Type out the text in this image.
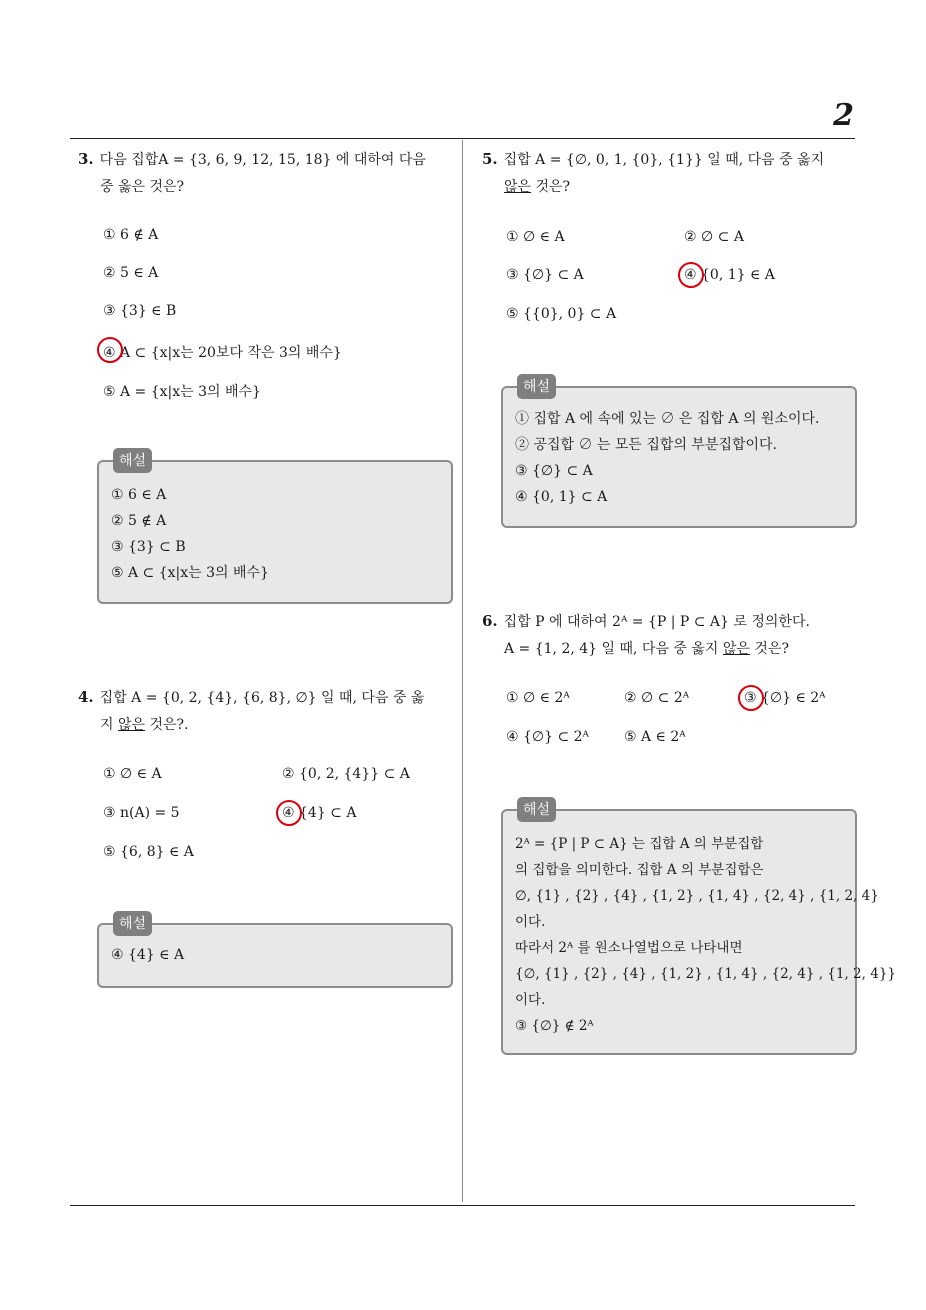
2
3. 다음 집합A = {3, 6, 9, 12, 15, 18} 에 대하여 다음
중 옳은 것은?
① 6 ∉ A
② 5 ∈ A
③ {3} ∈ B
④ A ⊂ {x|x는 20보다 작은 3의 배수}
⑤ A = {x|x는 3의 배수}
해설
① 6 ∈ A
② 5 ∉ A
③ {3} ⊂ B
⑤ A ⊂ {x|x는 3의 배수}
4. 집합 A = {0, 2, {4}, {6, 8}, ∅} 일 때, 다음 중 옳
지 않은 것은?.
① ∅ ∈ A	② {0, 2, {4}} ⊂ A
③ n(A) = 5	④ {4} ⊂ A
⑤ {6, 8} ∈ A
해설
④ {4} ∈ A
5. 집합 A = {∅, 0, 1, {0}, {1}} 일 때, 다음 중 옳지
않은 것은?
① ∅ ∈ A	② ∅ ⊂ A
③ {∅} ⊂ A	④ {0, 1} ∈ A
⑤ {{0}, 0} ⊂ A
해설
① 집합 A 에 속에 있는 ∅ 은 집합 A 의 원소이다.
② 공집합 ∅ 는 모든 집합의 부분집합이다.
③ {∅} ⊂ A
④ {0, 1} ⊂ A
6. 집합 P 에 대하여 2ᴬ = {P | P ⊂ A} 로 정의한다.
A = {1, 2, 4} 일 때, 다음 중 옳지 않은 것은?
① ∅ ∈ 2ᴬ	② ∅ ⊂ 2ᴬ	③ {∅} ∈ 2ᴬ
④ {∅} ⊂ 2ᴬ	⑤ A ∈ 2ᴬ
해설
2ᴬ = {P | P ⊂ A} 는 집합 A 의 부분집합
의 집합을 의미한다. 집합 A 의 부분집합은
∅, {1} , {2} , {4} , {1, 2} , {1, 4} , {2, 4} , {1, 2, 4}
이다.
따라서 2ᴬ 를 원소나열법으로 나타내면
{∅, {1} , {2} , {4} , {1, 2} , {1, 4} , {2, 4} , {1, 2, 4}}
이다.
③ {∅} ∉ 2ᴬ
